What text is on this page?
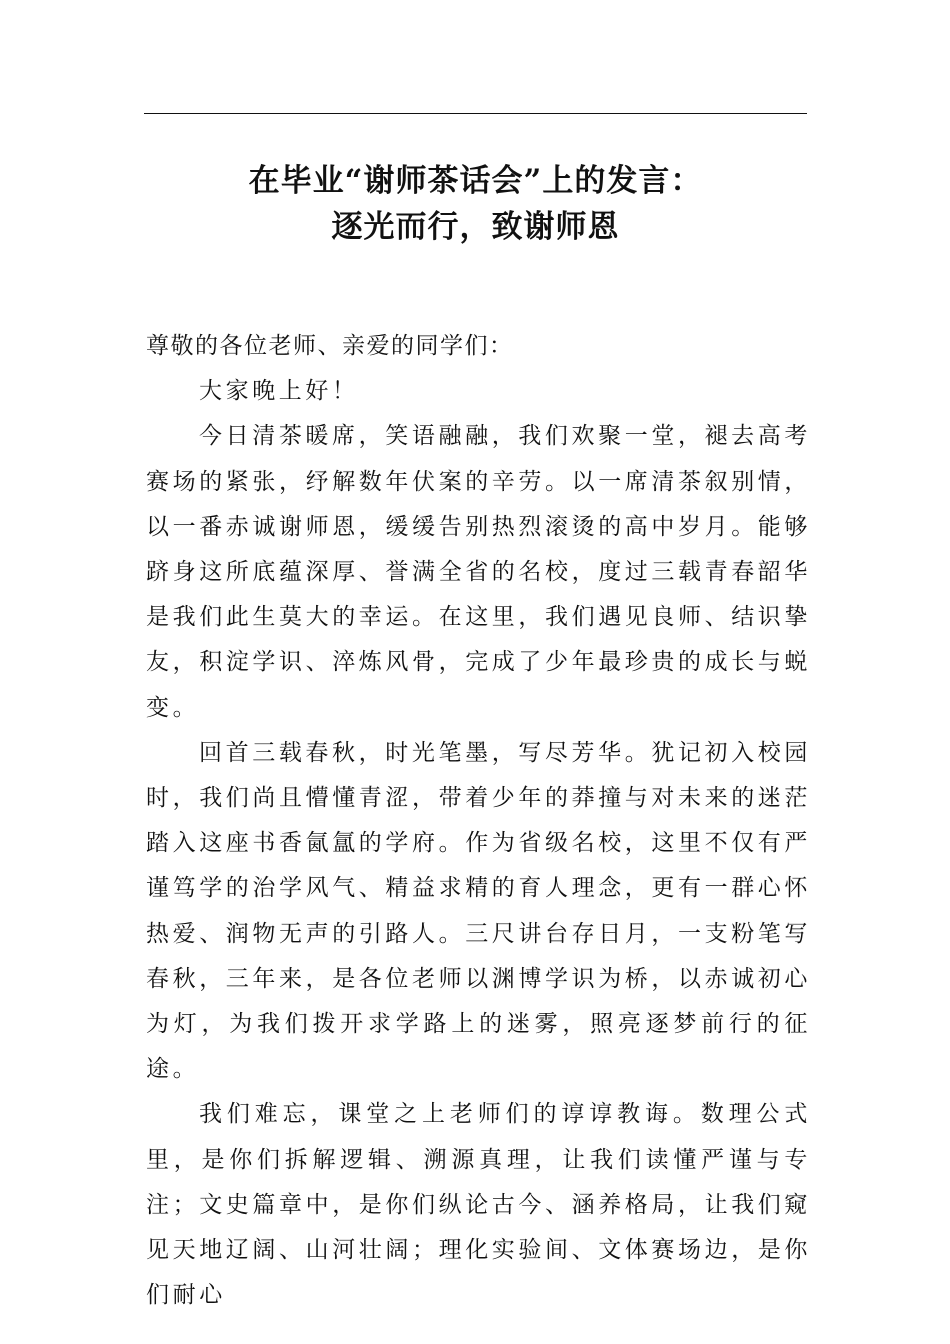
在毕业“谢师茶话会”上的发言：
逐光而行，致谢师恩

尊敬的各位老师、亲爱的同学们：

大家晚上好！

今日清茶暖席，笑语融融，我们欢聚一堂，褪去高考赛场的紧张，纾解数年伏案的辛劳。以一席清茶叙别情，以一番赤诚谢师恩，缓缓告别热烈滚烫的高中岁月。能够跻身这所底蕴深厚、誉满全省的名校，度过三载青春韶华是我们此生莫大的幸运。在这里，我们遇见良师、结识挚友，积淀学识、淬炼风骨，完成了少年最珍贵的成长与蜕变。

回首三载春秋，时光笔墨，写尽芳华。犹记初入校园时，我们尚且懵懂青涩，带着少年的莽撞与对未来的迷茫踏入这座书香氤氲的学府。作为省级名校，这里不仅有严谨笃学的治学风气、精益求精的育人理念，更有一群心怀热爱、润物无声的引路人。三尺讲台存日月，一支粉笔写春秋，三年来，是各位老师以渊博学识为桥，以赤诚初心为灯，为我们拨开求学路上的迷雾，照亮逐梦前行的征途。

我们难忘，课堂之上老师们的谆谆教诲。数理公式里，是你们拆解逻辑、溯源真理，让我们读懂严谨与专注；文史篇章中，是你们纵论古今、涵养格局，让我们窥见天地辽阔、山河壮阔；理化实验间、文体赛场边，是你们耐心
